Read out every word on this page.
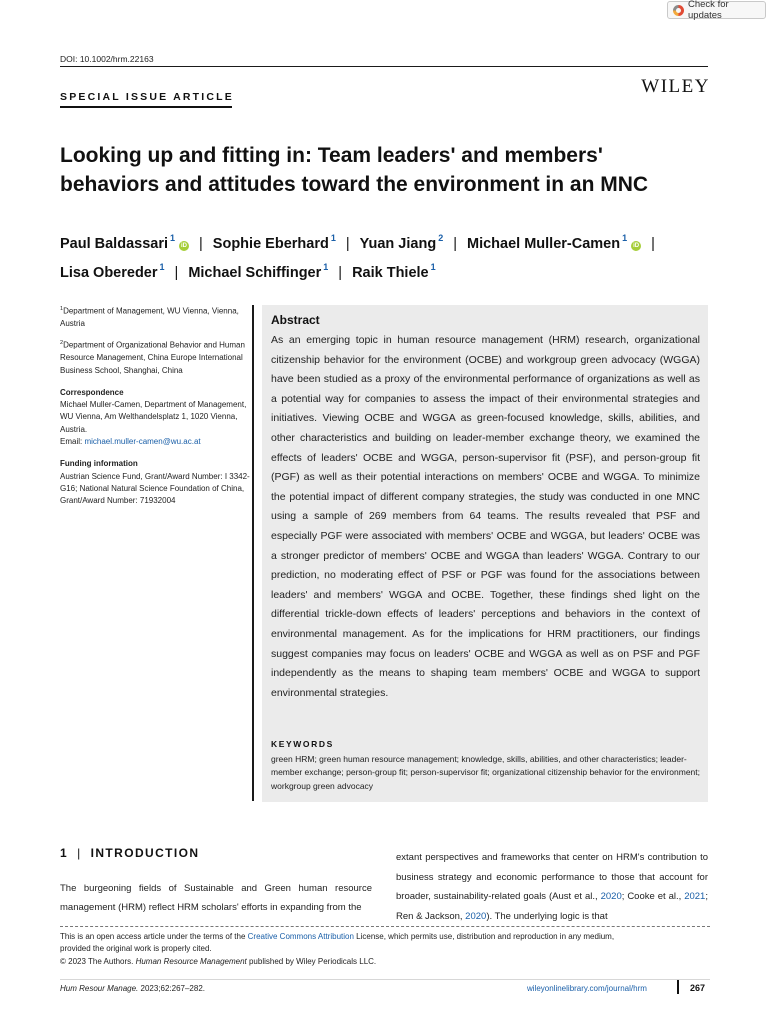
Check for updates
DOI: 10.1002/hrm.22163
WILEY
SPECIAL ISSUE ARTICLE
Looking up and fitting in: Team leaders' and members'
behaviors and attitudes toward the environment in an MNC
Paul Baldassari $^1$iD | Sophie Eberhard $^1$ | Yuan Jiang $^2$ | Michael Muller-Camen $^1$iD |
Lisa Obereder $^1$ | Michael Schiffinger $^1$ | Raik Thiele $^1$

$^1$Department of Management, WU Vienna, Vienna, Austria

$^2$Department of Organizational Behavior and Human Resource Management, China Europe International Business School, Shanghai, China

Correspondence
Michael Muller-Camen, Department of Management, WU Vienna, Am Welthandelsplatz 1, 1020 Vienna, Austria.
Email: michael.muller-camen@wu.ac.at

Funding information
Austrian Science Fund, Grant/Award Number: I 3342-G16; National Natural Science Foundation of China, Grant/Award Number: 71932004

Abstract
As an emerging topic in human resource management (HRM) research, organizational citizenship behavior for the environment (OCBE) and workgroup green advocacy (WGGA) have been studied as a proxy of the environmental performance of organizations as well as a potential way for companies to assess the impact of their environmental strategies and initiatives. Viewing OCBE and WGGA as green-focused knowledge, skills, abilities, and other characteristics and building on leader-member exchange theory, we examined the effects of leaders' OCBE and WGGA, person-supervisor fit (PSF), and person-group fit (PGF) as well as their potential interactions on members' OCBE and WGGA. To minimize the potential impact of different company strategies, the study was conducted in one MNC using a sample of 269 members from 64 teams. The results revealed that PSF and especially PGF were associated with members' OCBE and WGGA, but leaders' OCBE was a stronger predictor of members' OCBE and WGGA than leaders' WGGA. Contrary to our prediction, no moderating effect of PSF or PGF was found for the associations between leaders' and members' WGGA and OCBE. Together, these findings shed light on the differential trickle-down effects of leaders' perceptions and behaviors in the context of environmental management. As for the implications for HRM practitioners, our findings suggest companies may focus on leaders' OCBE and WGGA as well as on PSF and PGF independently as the means to shaping team members' OCBE and WGGA to support environmental strategies.
KEYWORDS
green HRM; green human resource management; knowledge, skills, abilities, and other characteristics; leader-member exchange; person-group fit; person-supervisor fit; organizational citizenship behavior for the environment; workgroup green advocacy
1 | INTRODUCTION
The burgeoning fields of Sustainable and Green human resource management (HRM) reflect HRM scholars' efforts in expanding from the
extant perspectives and frameworks that center on HRM's contribution to business strategy and economic performance to those that account for broader, sustainability-related goals (Aust et al., 2020; Cooke et al., 2021; Ren & Jackson, 2020). The underlying logic is that
This is an open access article under the terms of the Creative Commons Attribution License, which permits use, distribution and reproduction in any medium,
provided the original work is properly cited.
© 2023 The Authors. Human Resource Management published by Wiley Periodicals LLC.
Hum Resour Manage. 2023;62:267–282.	wileyonlinelibrary.com/journal/hrm	267
